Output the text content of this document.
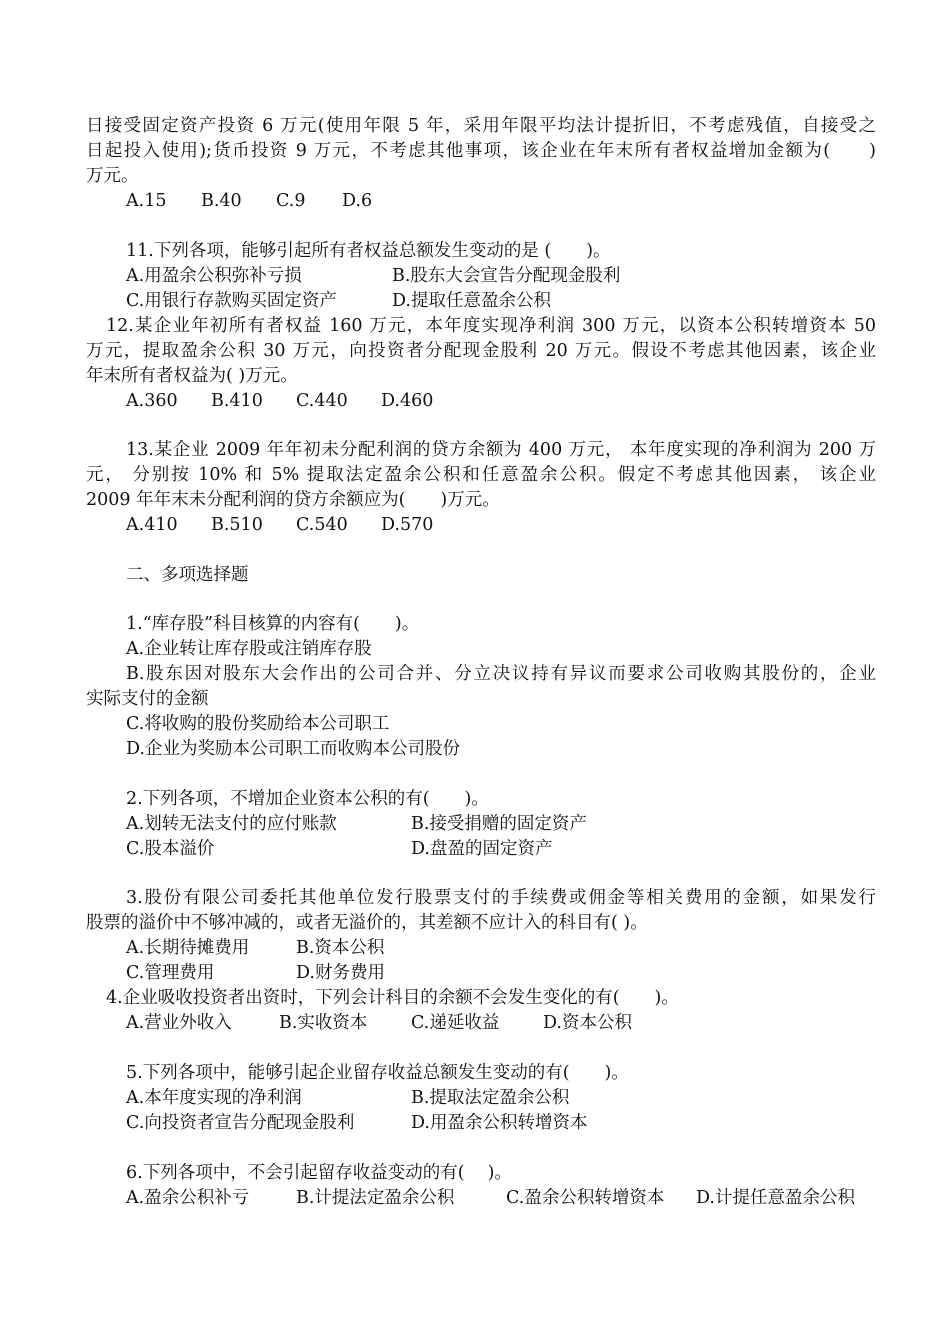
日接受固定资产投资 6 万元(使用年限 5 年，采用年限平均法计提折旧，不考虑残值，自接受之
日起投入使用);货币投资 9 万元，不考虑其他事项，该企业在年末所有者权益增加金额为(　　)
万元。
A.15 B.40 C.9 D.6
11.下列各项，能够引起所有者权益总额发生变动的是 (　　)。
A.用盈余公积弥补亏损	B.股东大会宣告分配现金股利
C.用银行存款购买固定资产	D.提取任意盈余公积
12.某企业年初所有者权益 160 万元，本年度实现净利润 300 万元，以资本公积转增资本 50
万元，提取盈余公积 30 万元，向投资者分配现金股利 20 万元。假设不考虑其他因素，该企业
年末所有者权益为( )万元。
A.360 B.410 C.440 D.460
13.某企业 2009 年年初未分配利润的贷方余额为 400 万元， 本年度实现的净利润为 200 万
元， 分别按 10% 和 5% 提取法定盈余公积和任意盈余公积。假定不考虑其他因素， 该企业
2009 年年末未分配利润的贷方余额应为(　　)万元。
A.410 B.510 C.540 D.570
二、多项选择题
1.“库存股”科目核算的内容有(　　)。
A.企业转让库存股或注销库存股
B.股东因对股东大会作出的公司合并、分立决议持有异议而要求公司收购其股份的，企业
实际支付的金额
C.将收购的股份奖励给本公司职工
D.企业为奖励本公司职工而收购本公司股份
2.下列各项，不增加企业资本公积的有(　　)。
A.划转无法支付的应付账款	B.接受捐赠的固定资产
C.股本溢价	D.盘盈的固定资产
3.股份有限公司委托其他单位发行股票支付的手续费或佣金等相关费用的金额，如果发行
股票的溢价中不够冲减的，或者无溢价的，其差额不应计入的科目有( )。
A.长期待摊费用	B.资本公积
C.管理费用	D.财务费用
4.企业吸收投资者出资时，下列会计科目的余额不会发生变化的有(　　)。
A.营业外收入	B.实收资本 C.递延收益 D.资本公积
5.下列各项中，能够引起企业留存收益总额发生变动的有(　　)。
A.本年度实现的净利润	B.提取法定盈余公积
C.向投资者宣告分配现金股利	D.用盈余公积转增资本
6.下列各项中，不会引起留存收益变动的有(　 )。
A.盈余公积补亏	B.计提法定盈余公积	C.盈余公积转增资本 D.计提任意盈余公积
